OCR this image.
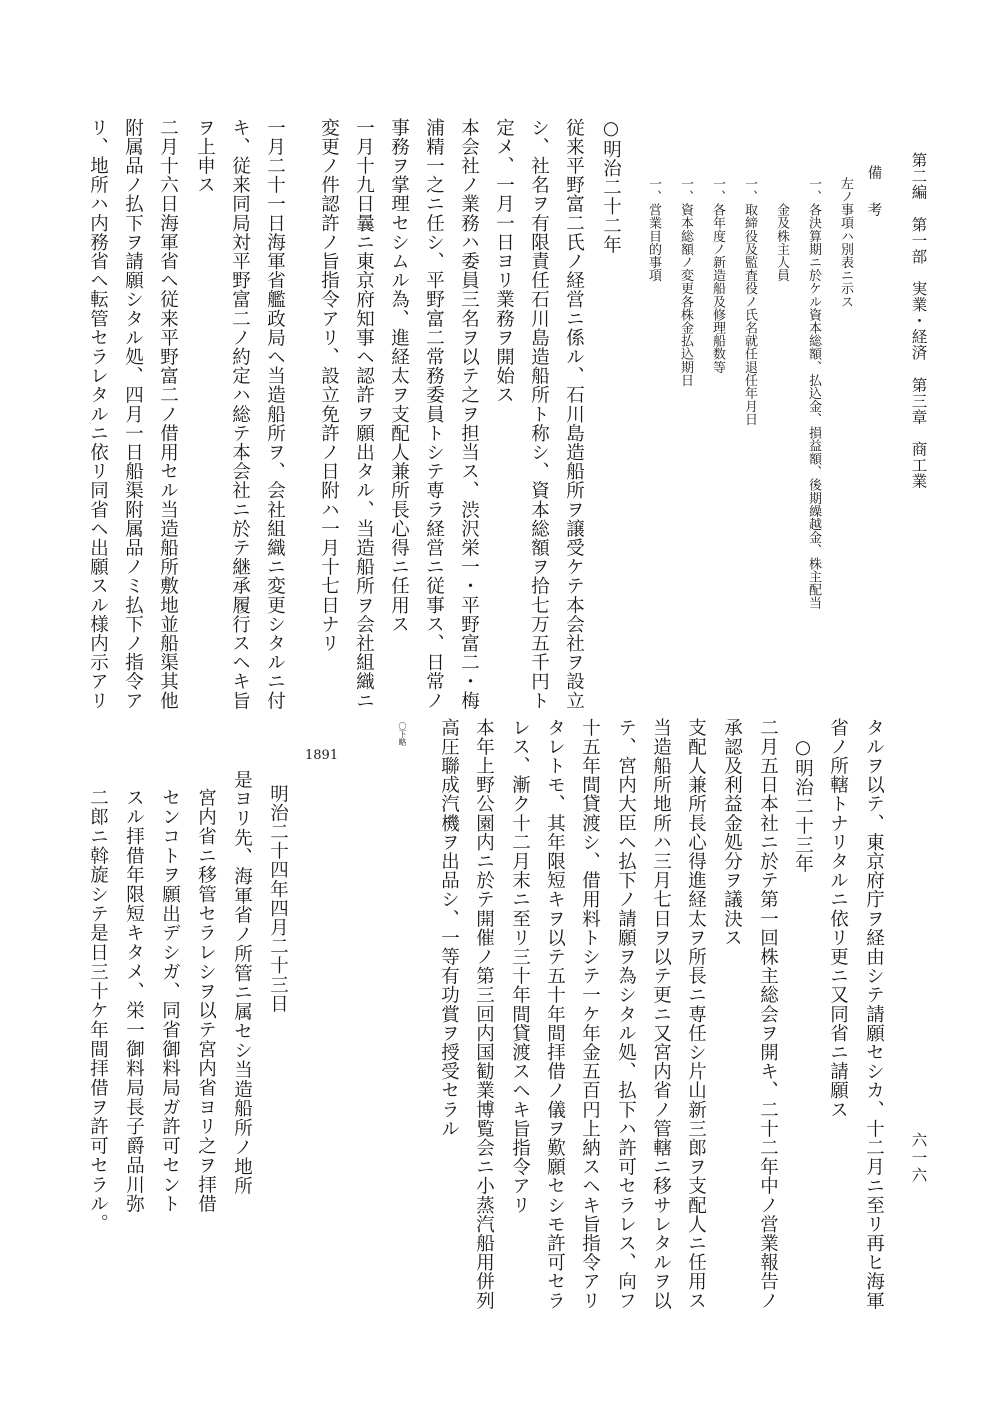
第二編　第一部　実業・経済　第三章　商工業
六一六
備　考
左ノ事項ハ別表ニ示ス
一、各決算期ニ於ケル資本総額、払込金、損益額、後期繰越金、株主配当
　　金及株主人員
一、取締役及監査役ノ氏名就任退任年月日
一、各年度ノ新造船及修理船数等
一、資本総額ノ変更各株金払込期日
一、営業目的事項
○明治二十二年
従来平野富二氏ノ経営ニ係ル、石川島造船所ヲ譲受ケテ本会社ヲ設立
シ、社名ヲ有限責任石川島造船所ト称シ、資本総額ヲ拾七万五千円ト
定メ、一月一日ヨリ業務ヲ開始ス
本会社ノ業務ハ委員三名ヲ以テ之ヲ担当ス、渋沢栄一・平野富二・梅
浦精一之ニ任シ、平野富二常務委員トシテ専ラ経営ニ従事ス、日常ノ
事務ヲ掌理セシムル為、進経太ヲ支配人兼所長心得ニ任用ス
一月十九日曩ニ東京府知事ヘ認許ヲ願出タル、当造船所ヲ会社組織ニ
変更ノ件認許ノ旨指令アリ、設立免許ノ日附ハ一月十七日ナリ
一月二十一日海軍省艦政局ヘ当造船所ヲ、会社組織ニ変更シタルニ付
キ、従来同局対平野富二ノ約定ハ総テ本会社ニ於テ継承履行スヘキ旨
ヲ上申ス
二月十六日海軍省ヘ従来平野富二ノ借用セル当造船所敷地並船渠其他
附属品ノ払下ヲ請願シタル処、四月一日船渠附属品ノミ払下ノ指令ア
リ、地所ハ内務省ヘ転管セラレタルニ依リ同省ヘ出願スル様内示アリ
タルヲ以テ、東京府庁ヲ経由シテ請願セシカ、十二月ニ至リ再ヒ海軍
省ノ所轄トナリタルニ依リ更ニ又同省ニ請願ス
　○明治二十三年
二月五日本社ニ於テ第一回株主総会ヲ開キ、二十二年中ノ営業報告ノ
承認及利益金処分ヲ議決ス
支配人兼所長心得進経太ヲ所長ニ専任シ片山新三郎ヲ支配人ニ任用ス
当造船所地所ハ三月七日ヲ以テ更ニ又宮内省ノ管轄ニ移サレタルヲ以
テ、宮内大臣ヘ払下ノ請願ヲ為シタル処、払下ハ許可セラレス、向フ
十五年間貸渡シ、借用料トシテ一ケ年金五百円上納スヘキ旨指令アリ
タレトモ、其年限短キヲ以テ五十年間拝借ノ儀ヲ歎願セシモ許可セラ
レス、漸ク十二月末ニ至リ三十年間貸渡スヘキ旨指令アリ
本年上野公園内ニ於テ開催ノ第三回内国勧業博覧会ニ小蒸汽船用併列
高圧聯成汽機ヲ出品シ、一等有功賞ヲ授受セラル
〇下略
1891
明治二十四年四月二十三日
是ヨリ先、海軍省ノ所管ニ属セシ当造船所ノ地所
宮内省ニ移管セラレシヲ以テ宮内省ヨリ之ヲ拝借
センコトヲ願出デシガ、同省御料局ガ許可セント
スル拝借年限短キタメ、栄一御料局長子爵品川弥
二郎ニ斡旋シテ是日三十ケ年間拝借ヲ許可セラル。
